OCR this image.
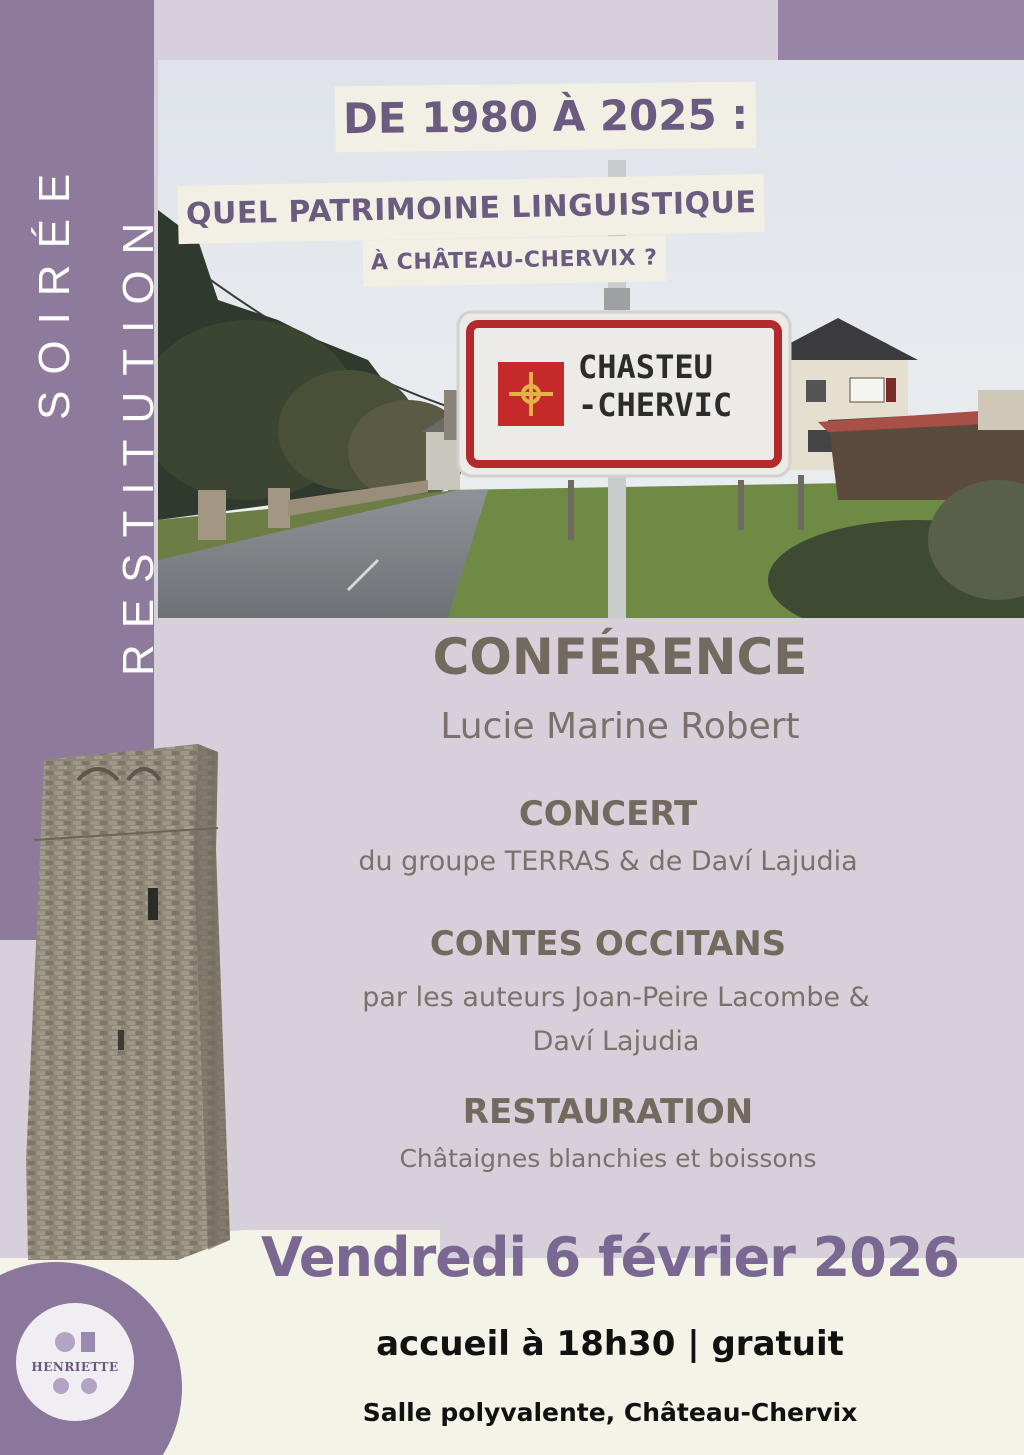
CHASTEU
-CHERVIC
DE 1980 À 2025 :
QUEL PATRIMOINE LINGUISTIQUE
À CHÂTEAU-CHERVIX ?
SOIRÉE RESTITUTION	CONFÉRENCE
Lucie Marine Robert
CONCERT
du groupe TERRAS & de Daví Lajudia
CONTES OCCITANS
par les auteurs Joan-Peire Lacombe &
Daví Lajudia
RESTAURATION
Châtaignes blanchies et boissons
Vendredi 6 février 2026
accueil à 18h30 | gratuit
Salle polyvalente, Château-Chervix
HENRIETTE
